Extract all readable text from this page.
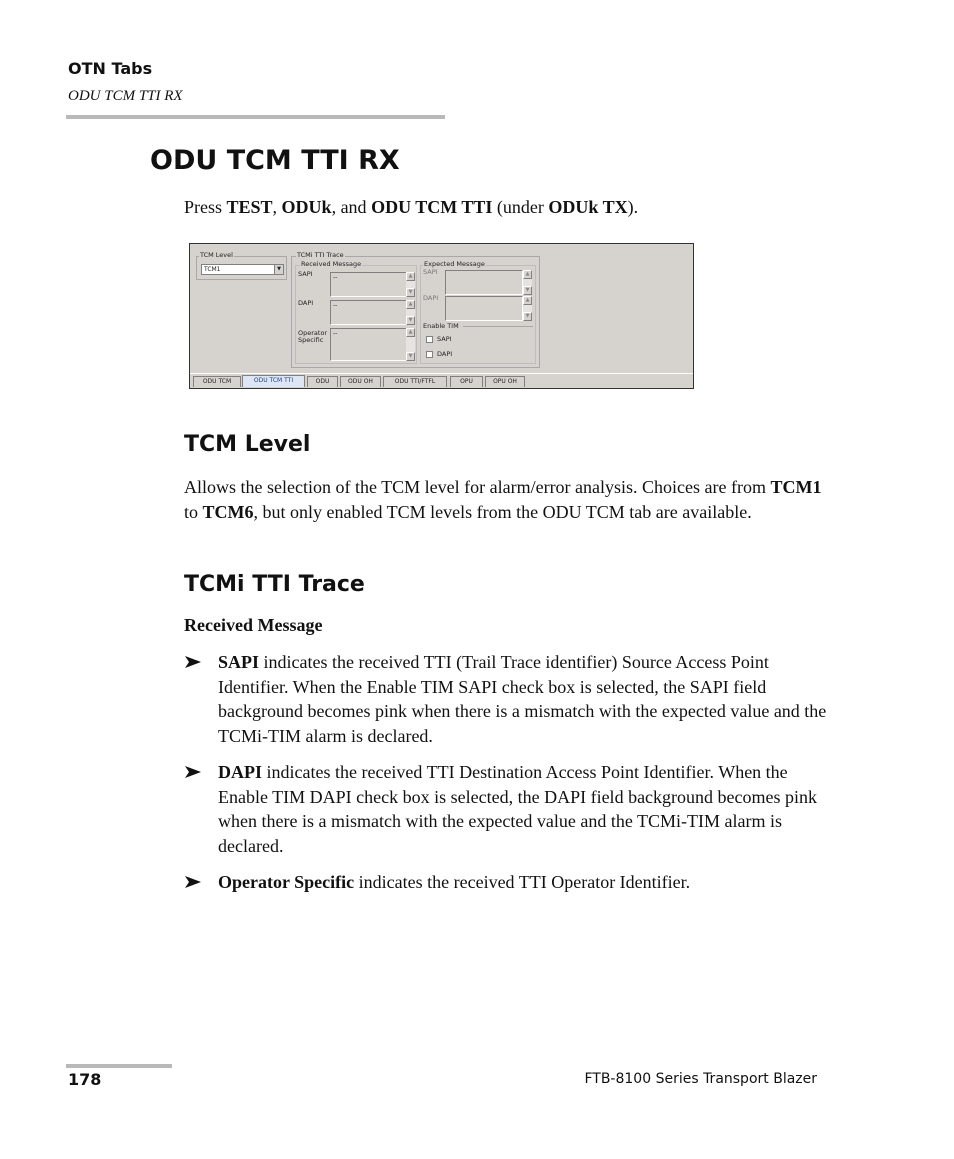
OTN Tabs
ODU TCM TTI RX
ODU TCM TTI RX
Press TEST, ODUk, and ODU TCM TTI (under ODUk TX).
TCM Level
TCM1	▼
TCMi TTI Trace
Received Message	Expected Message
SAPI	--	▲
▼
DAPI	--	▲
▼
Operator Specific
--	▲
▼
SAPI	▲
▼
DAPI	▲
▼
Enable TIM
SAPI
DAPI
ODU TCM	ODU TCM TTI	ODU	ODU OH	ODU TTI/FTFL	OPU	OPU OH
TCM Level
Allows the selection of the TCM level for alarm/error analysis. Choices are from TCM1 to TCM6, but only enabled TCM levels from the ODU TCM tab are available.
TCMi TTI Trace
Received Message
SAPI indicates the received TTI (Trail Trace identifier) Source Access Point Identifier. When the Enable TIM SAPI check box is selected, the SAPI field background becomes pink when there is a mismatch with the expected value and the TCMi-TIM alarm is declared.
DAPI indicates the received TTI Destination Access Point Identifier. When the Enable TIM DAPI check box is selected, the DAPI field background becomes pink when there is a mismatch with the expected value and the TCMi-TIM alarm is declared.
Operator Specific indicates the received TTI Operator Identifier.
178	FTB-8100 Series Transport Blazer
